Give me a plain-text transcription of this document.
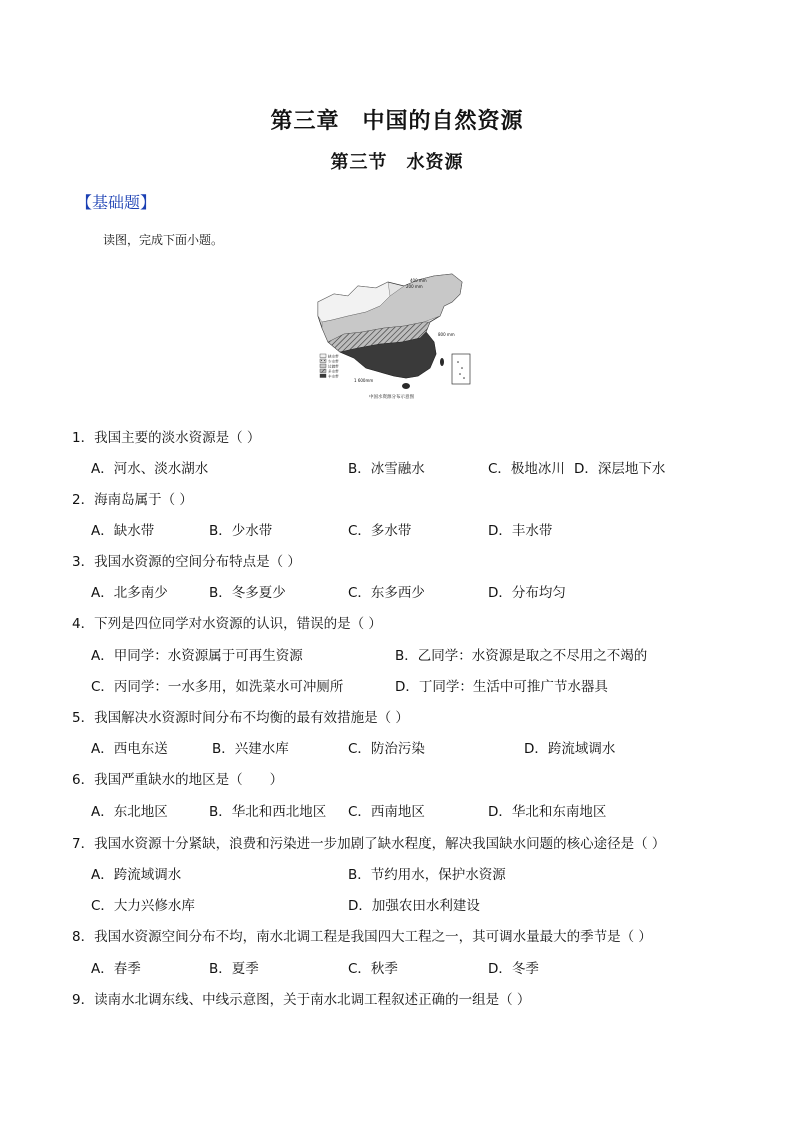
第三章　中国的自然资源
第三节　水资源
【基础题】
读图，完成下面小题。
400 mm
200 mm
800 mm
1 600mm
缺水带
少水带
过渡带
多水带
丰水带
中国水资源分布示意图
1．我国主要的淡水资源是（ ）
A．河水、淡水湖水	B．冰雪融水	C．极地冰川 D．深层地下水
2．海南岛属于（ ）
A．缺水带	B．少水带	C．多水带	D．丰水带
3．我国水资源的空间分布特点是（ ）
A．北多南少	B．冬多夏少	C．东多西少	D．分布均匀
4．下列是四位同学对水资源的认识，错误的是（ ）
A．甲同学：水资源属于可再生资源	B．乙同学：水资源是取之不尽用之不竭的
C．丙同学：一水多用，如洗菜水可冲厕所	D．丁同学：生活中可推广节水器具
5．我国解决水资源时间分布不均衡的最有效措施是（ ）
A．西电东送	B．兴建水库	C．防治污染	D．跨流域调水
6．我国严重缺水的地区是（　　）
A．东北地区	B．华北和西北地区 C．西南地区	D．华北和东南地区
7．我国水资源十分紧缺，浪费和污染进一步加剧了缺水程度，解决我国缺水问题的核心途径是（ ）
A．跨流域调水	B．节约用水，保护水资源
C．大力兴修水库	D．加强农田水利建设
8．我国水资源空间分布不均，南水北调工程是我国四大工程之一，其可调水量最大的季节是（ ）
A．春季	B．夏季	C．秋季	D．冬季
9．读南水北调东线、中线示意图，关于南水北调工程叙述正确的一组是（ ）
